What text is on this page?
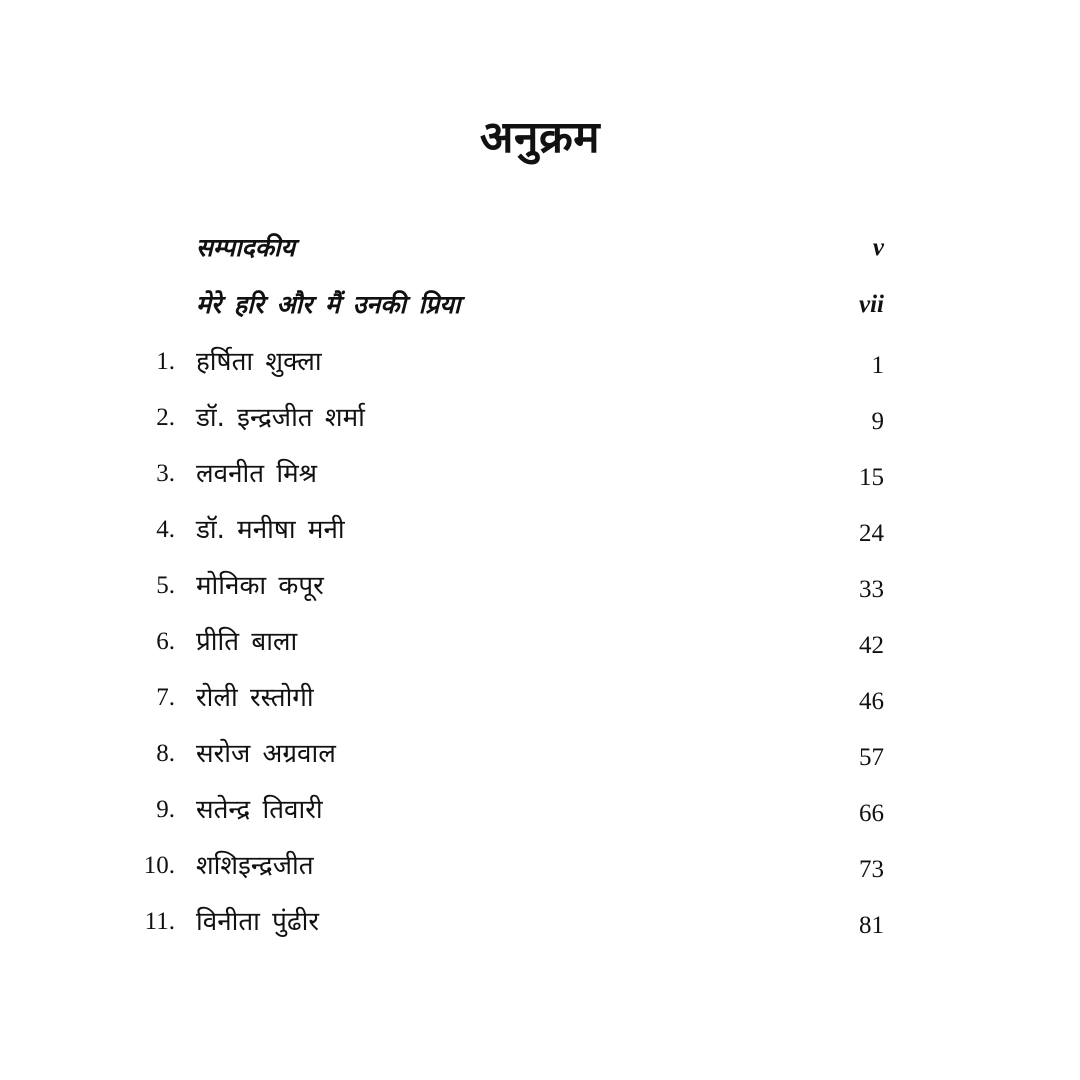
अनुक्रम
सम्पादकीय	v
मेरे हरि और मैं उनकी प्रिया	vii
1. हर्षिता शुक्ला	1
2. डॉ. इन्द्रजीत शर्मा	9
3. लवनीत मिश्र	15
4. डॉ. मनीषा मनी	24
5. मोनिका कपूर	33
6. प्रीति बाला	42
7. रोली रस्तोगी	46
8. सरोज अग्रवाल	57
9. सतेन्द्र तिवारी	66
10. शशिइन्द्रजीत	73
11. विनीता पुंढीर	81
